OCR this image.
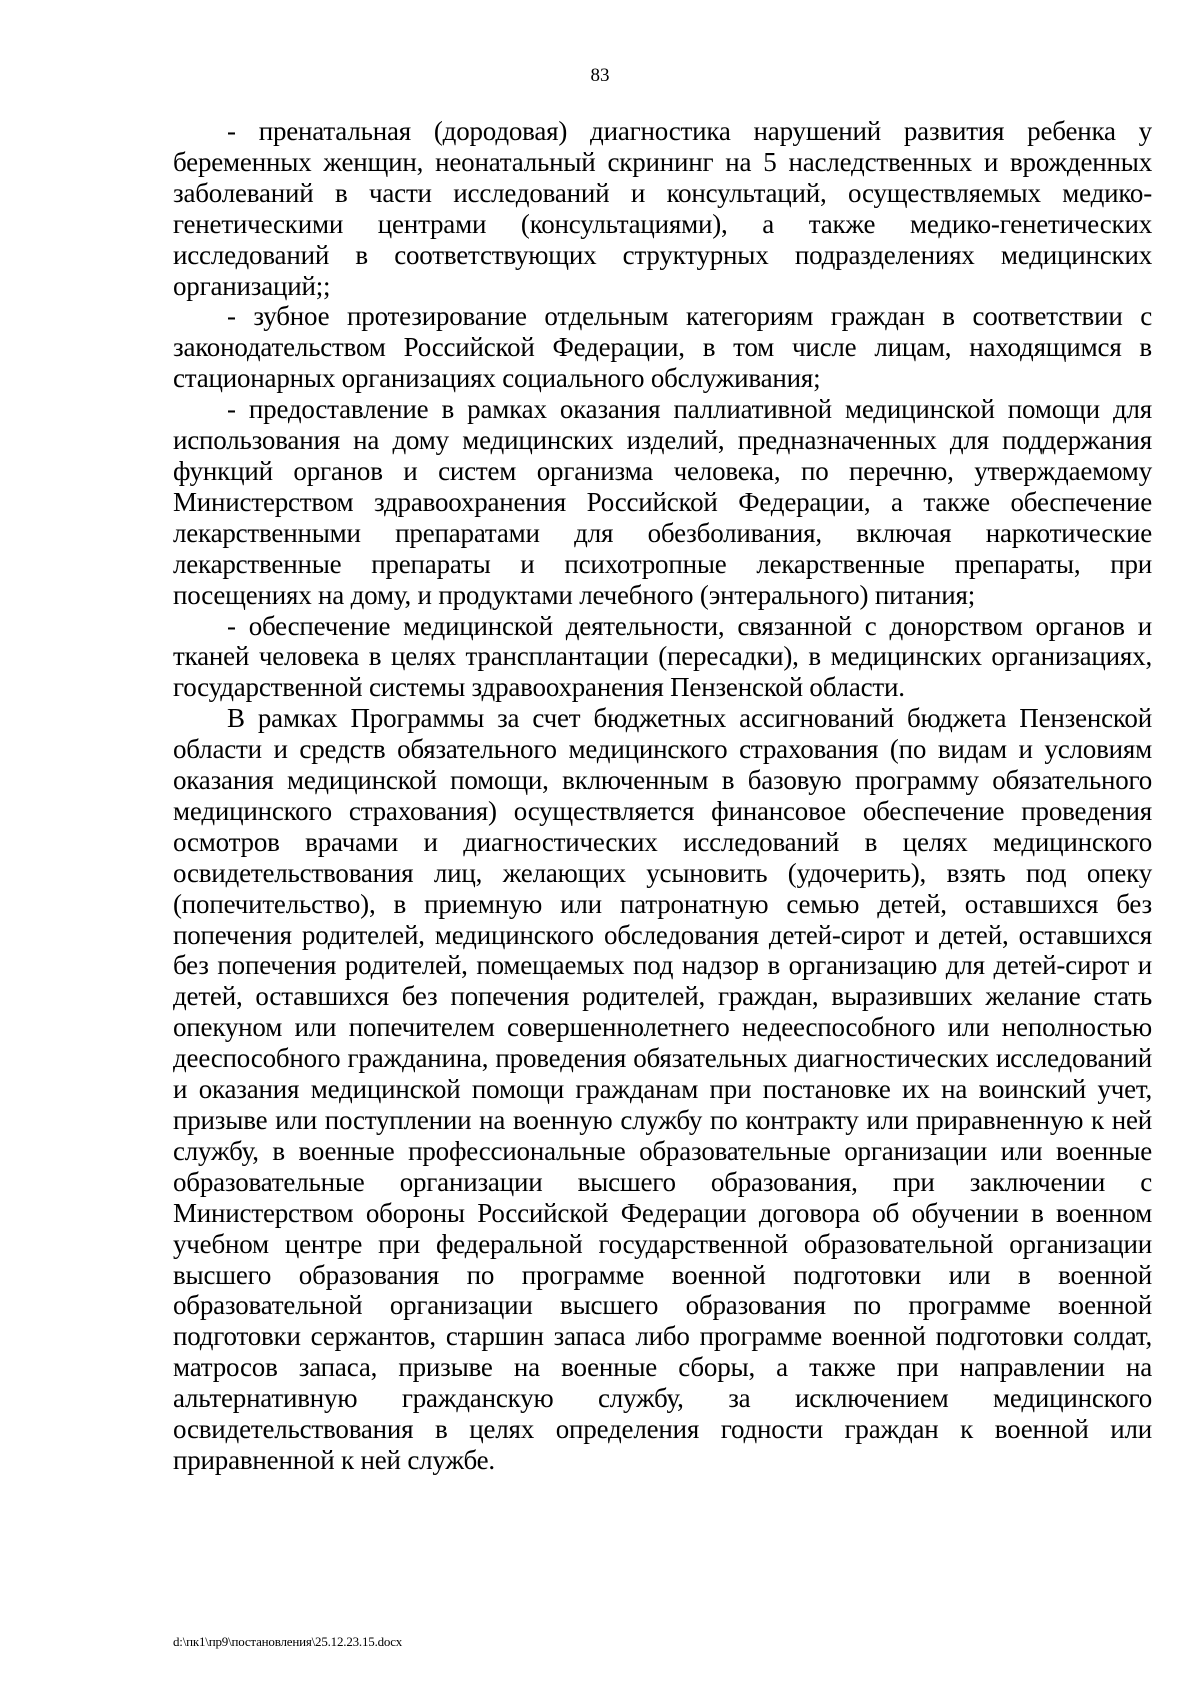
83

- пренатальная (дородовая) диагностика нарушений развития ребенка у беременных женщин, неонатальный скрининг на 5 наследственных и врожденных заболеваний в части исследований и консультаций, осуществляемых медико-генетическими центрами (консультациями), а также медико-генетических исследований в соответствующих структурных подразделениях медицинских организаций;;

- зубное протезирование отдельным категориям граждан в соответствии с законодательством Российской Федерации, в том числе лицам, находящимся в стационарных организациях социального обслуживания;

- предоставление в рамках оказания паллиативной медицинской помощи для использования на дому медицинских изделий, предназначенных для поддержания функций органов и систем организма человека, по перечню, утверждаемому Министерством здравоохранения Российской Федерации, а также обеспечение лекарственными препаратами для обезболивания, включая наркотические лекарственные препараты и психотропные лекарственные препараты, при посещениях на дому, и продуктами лечебного (энтерального) питания;

- обеспечение медицинской деятельности, связанной с донорством органов и тканей человека в целях трансплантации (пересадки), в медицинских организациях, государственной системы здравоохранения Пензенской области.

В рамках Программы за счет бюджетных ассигнований бюджета Пензенской области и средств обязательного медицинского страхования (по видам и условиям оказания медицинской помощи, включенным в базовую программу обязательного медицинского страхования) осуществляется финансовое обеспечение проведения осмотров врачами и диагностических исследований в целях медицинского освидетельствования лиц, желающих усыновить (удочерить), взять под опеку (попечительство), в приемную или патронатную семью детей, оставшихся без попечения родителей, медицинского обследования детей-сирот и детей, оставшихся без попечения родителей, помещаемых под надзор в организацию для детей-сирот и детей, оставшихся без попечения родителей, граждан, выразивших желание стать опекуном или попечителем совершеннолетнего недееспособного или неполностью дееспособного гражданина, проведения обязательных диагностических исследований и оказания медицинской помощи гражданам при постановке их на воинский учет, призыве или поступлении на военную службу по контракту или приравненную к ней службу, в военные профессиональные образовательные организации или военные образовательные организации высшего образования, при заключении с Министерством обороны Российской Федерации договора об обучении в военном учебном центре при федеральной государственной образовательной организации высшего образования по программе военной подготовки или в военной образовательной организации высшего образования по программе военной подготовки сержантов, старшин запаса либо программе военной подготовки солдат, матросов запаса, призыве на военные сборы, а также при направлении на альтернативную гражданскую службу, за исключением медицинского освидетельствования в целях определения годности граждан к военной или приравненной к ней службе.

d:\пк1\пр9\постановления\25.12.23.15.docx
